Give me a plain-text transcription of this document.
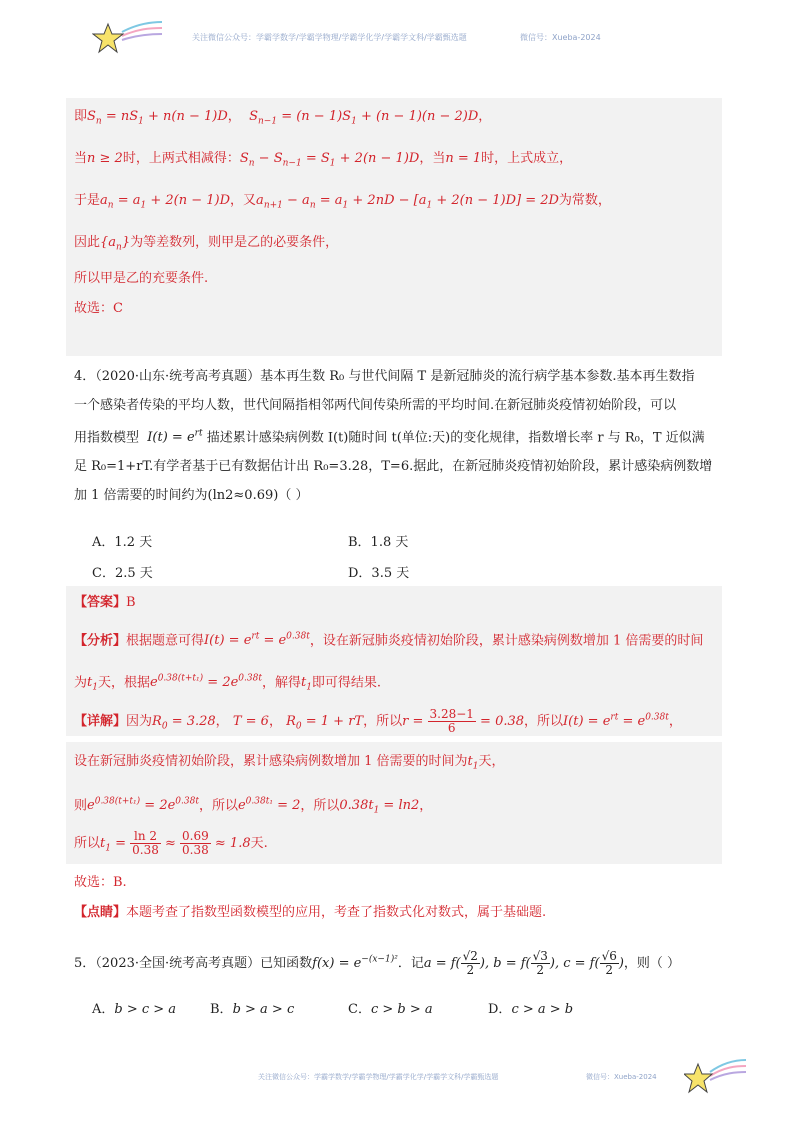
关注微信公众号：学霸学数学/学霸学物理/学霸学化学/学霸学文科/学霸甄选题	微信号：Xueba-2024
即$S_n = nS_1 + n(n - 1)D$， $S_{n-1} = (n - 1)S_1 + (n - 1)(n - 2)D$，
当n ≥ 2时，上两式相减得：$S_n - S_{n-1} = S_1 + 2(n - 1)D$，当n = 1时，上式成立，
于是$a_n = a_1 + 2(n - 1)D$，又$a_{n+1} - a_n = a_1 + 2nD - [a_1 + 2(n - 1)D] = 2D$为常数，
因此$\{a_n\}$为等差数列，则甲是乙的必要条件，
所以甲是乙的充要条件.
故选：C
4．（2020·山东·统考高考真题）基本再生数 R₀ 与世代间隔 T 是新冠肺炎的流行病学基本参数.基本再生数指
一个感染者传染的平均人数，世代间隔指相邻两代间传染所需的平均时间.在新冠肺炎疫情初始阶段，可以
用指数模型 $I(t) = e^{rt}$ 描述累计感染病例数 I(t)随时间 t(单位:天)的变化规律，指数增长率 r 与 R₀，T 近似满
足 R₀=1+rT.有学者基于已有数据估计出 R₀=3.28，T=6.据此，在新冠肺炎疫情初始阶段，累计感染病例数增
加 1 倍需要的时间约为(ln2≈0.69)（ ）
A．1.2 天	B．1.8 天
C．2.5 天	D．3.5 天
【答案】B
【分析】根据题意可得$I(t) = e^{rt} = e^{0.38t}$，设在新冠肺炎疫情初始阶段，累计感染病例数增加 1 倍需要的时间
为$t_1$天，根据$e^{0.38(t+t_1)} = 2e^{0.38t}$，解得$t_1$即可得结果.
【详解】因为$R_0 = 3.28$， T = 6， $R_0 = 1$ + rT，所以$r = \frac{3.28-1}{6} = 0.38$，所以$I(t) = e^{rt} = e^{0.38t}$，
设在新冠肺炎疫情初始阶段，累计感染病例数增加 1 倍需要的时间为$t_1$天，
则$e^{0.38(t+t_1)} = 2e^{0.38t}$，所以$e^{0.38t_1} = 2$，所以$0.38t_1 = \ln 2$，
所以$t_1 = \frac{\ln 2}{0.38} \approx \frac{0.69}{0.38} \approx 1.8$天.
故选：B.
【点睛】本题考查了指数型函数模型的应用，考查了指数式化对数式，属于基础题.
5．（2023·全国·统考高考真题）已知函数$f(x) = e^{-(x-1)^2}$．记$a = f( \frac{√2}{2}$ ), $b = f( \frac{√3}{2}$ ), $c = f( \frac{√6}{2}$ )，则（ ）
A．b > c > a	B．b > a > c	C．c > b > a	D．c > a > b
关注微信公众号：学霸学数学/学霸学物理/学霸学化学/学霸学文科/学霸甄选题	微信号：Xueba-2024
